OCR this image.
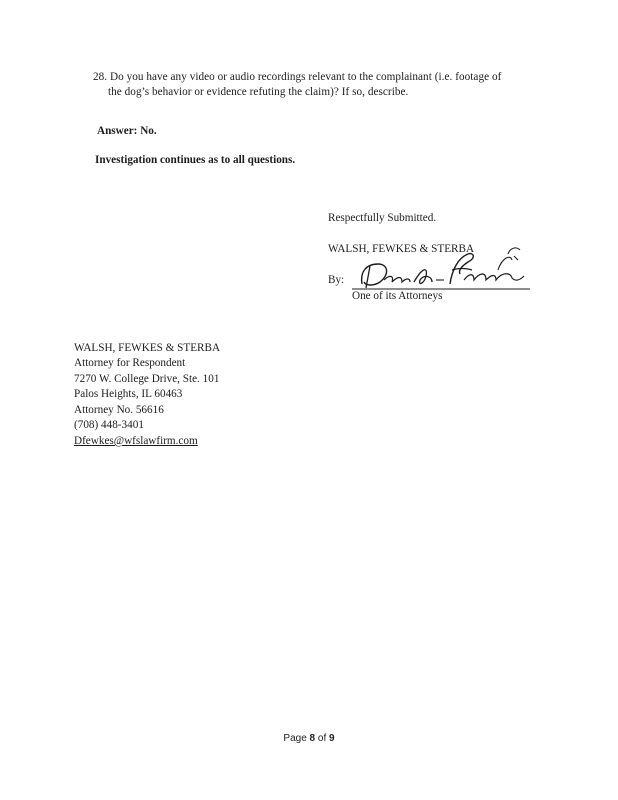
28. Do you have any video or audio recordings relevant to the complainant (i.e. footage of
the dog’s behavior or evidence refuting the claim)? If so, describe.
Answer: No.
Investigation continues as to all questions.
Respectfully Submitted.
WALSH, FEWKES & STERBA
By:
One of its Attorneys
WALSH, FEWKES & STERBA
Attorney for Respondent
7270 W. College Drive, Ste. 101
Palos Heights, IL 60463
Attorney No. 56616
(708) 448-3401
Dfewkes@wfslawfirm.com
Page 8 of 9
